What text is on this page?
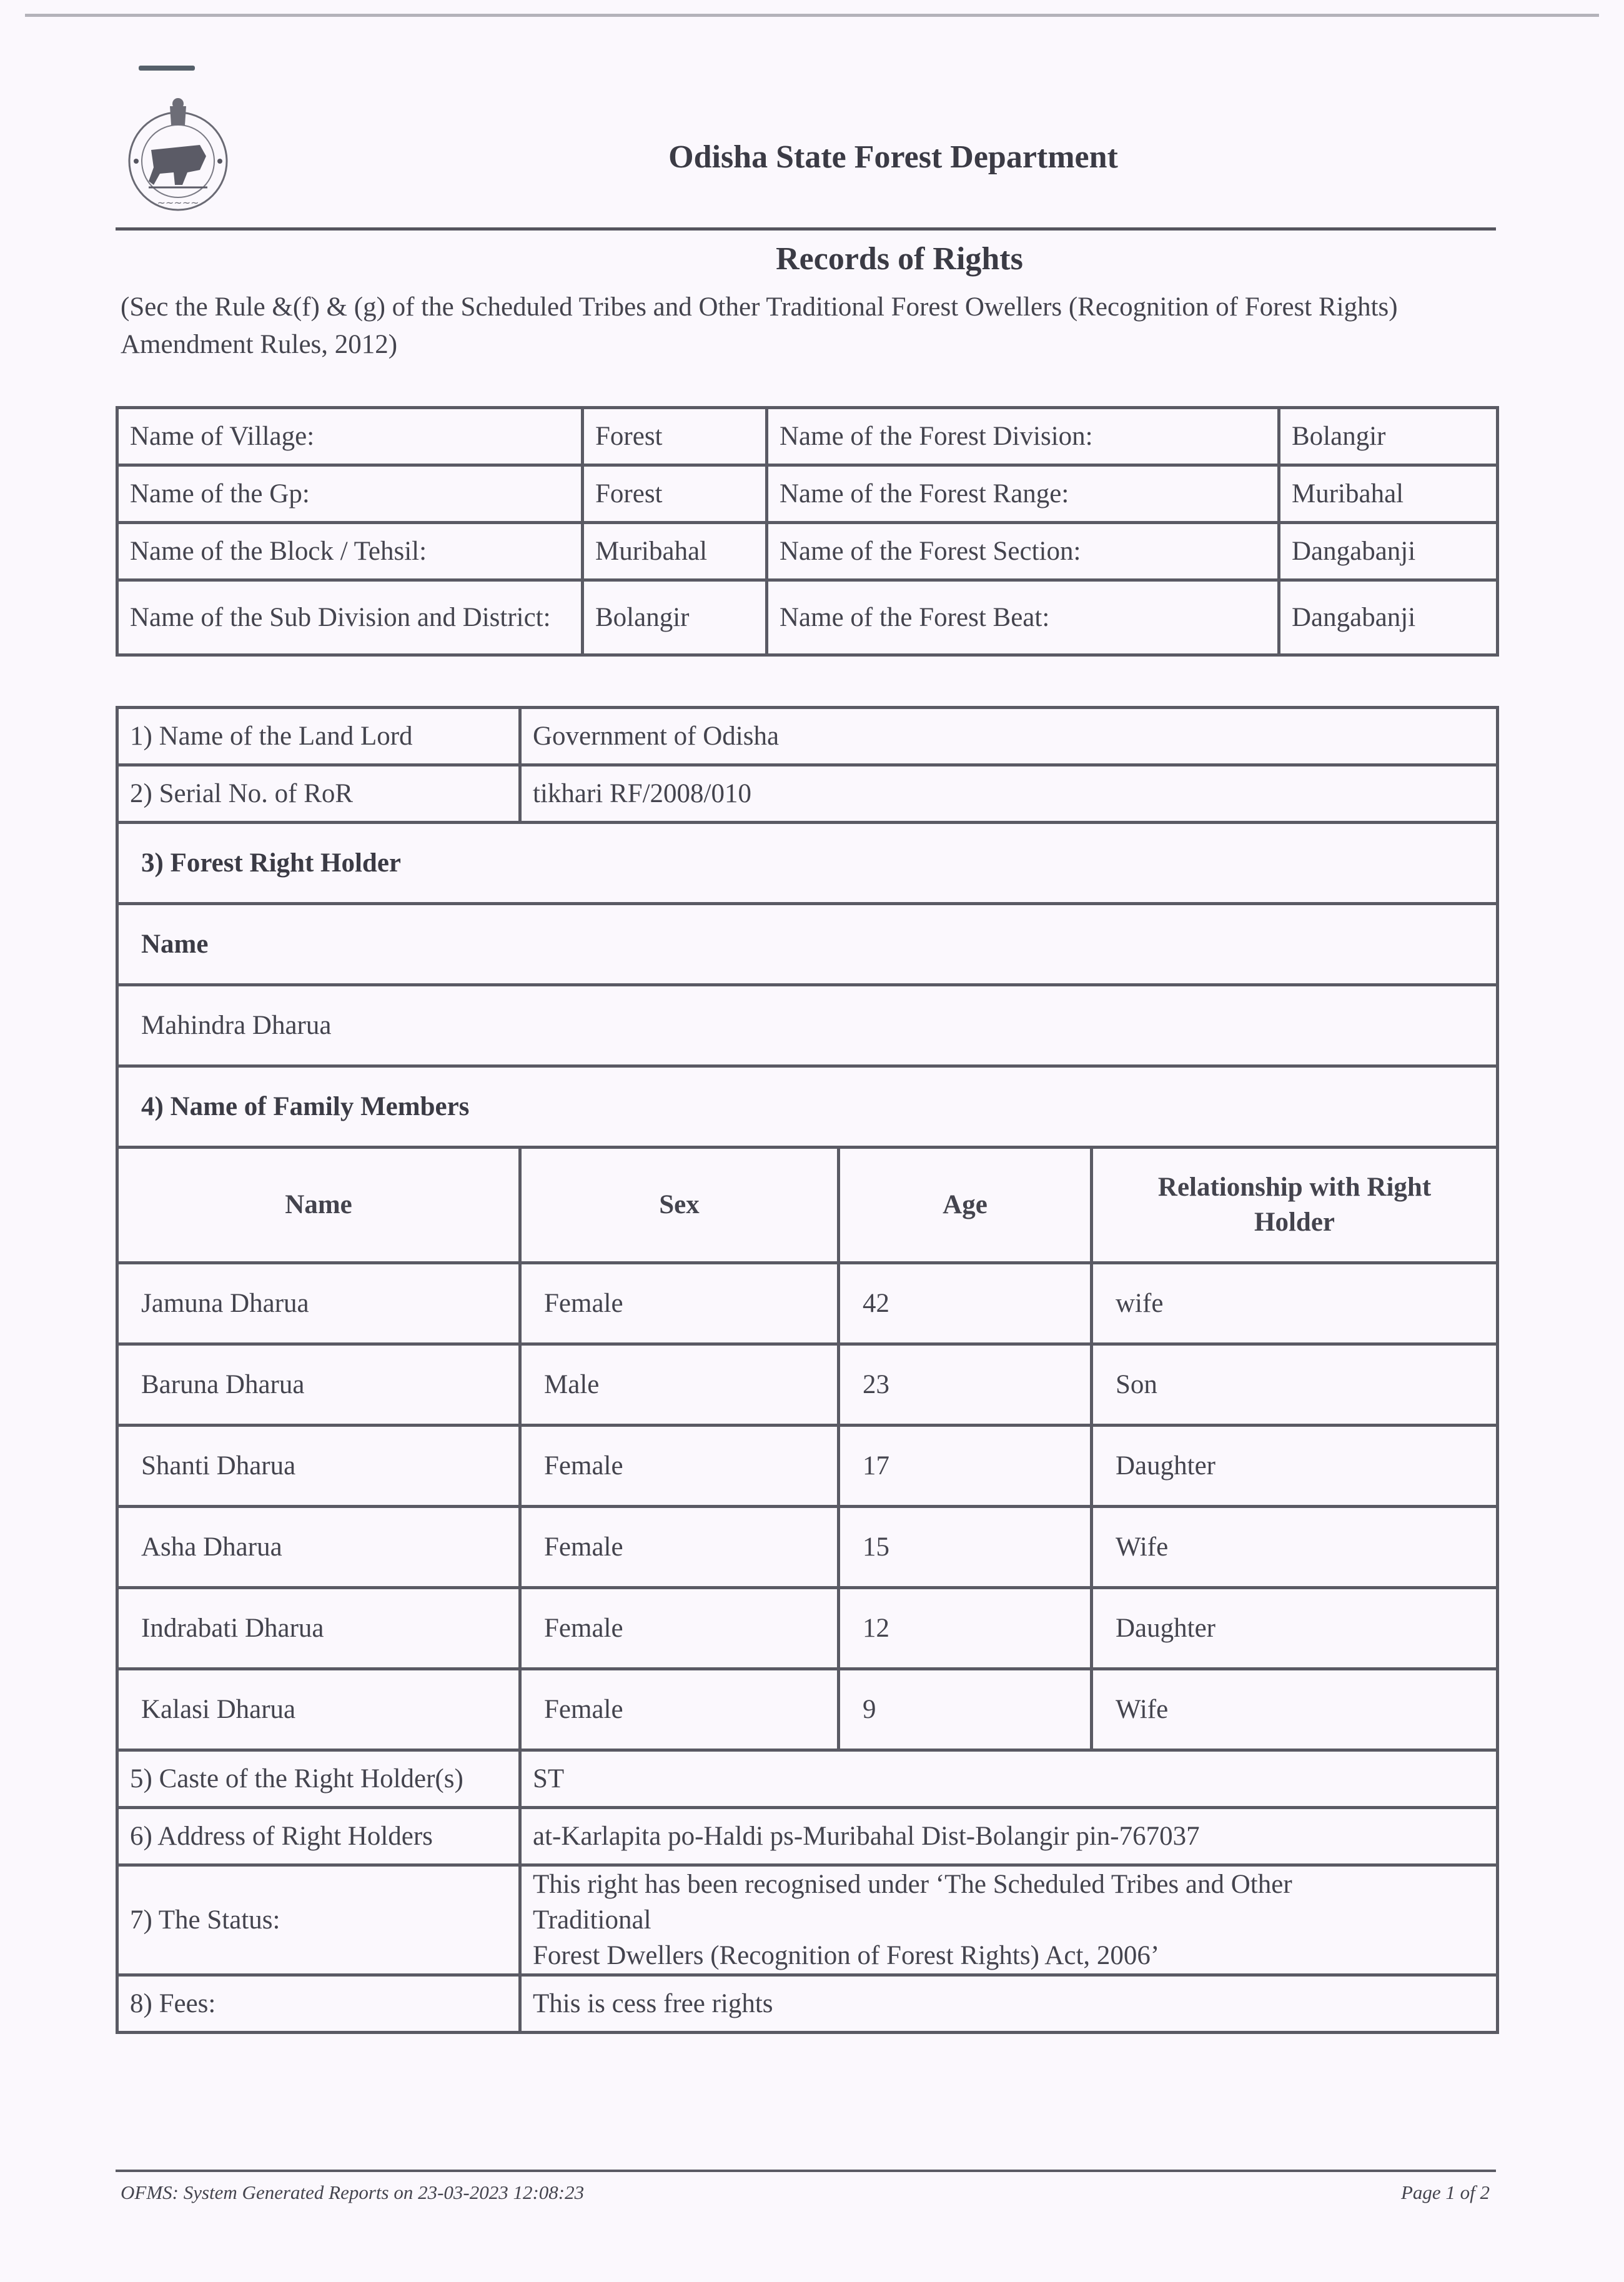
~~~~~
Odisha State Forest Department
Records of Rights
(Sec the Rule &(f) & (g) of the Scheduled Tribes and Other Traditional Forest Owellers (Recognition of Forest Rights) Amendment Rules, 2012)
Name of Village:	Forest	Name of the Forest Division:	Bolangir
Name of the Gp:	Forest	Name of the Forest Range:	Muribahal
Name of the Block / Tehsil:	Muribahal	Name of the Forest Section:	Dangabanji
Name of the Sub Division and District:	Bolangir	Name of the Forest Beat:	Dangabanji
1) Name of the Land Lord	Government of Odisha		
2) Serial No. of RoR	tikhari RF/2008/010		
3) Forest Right Holder			
Name			
Mahindra Dharua			
4) Name of Family Members			
Name	Sex	Age	Relationship with Right Holder
Jamuna Dharua	Female	42	wife
Baruna Dharua	Male	23	Son
Shanti Dharua	Female	17	Daughter
Asha Dharua	Female	15	Wife
Indrabati Dharua	Female	12	Daughter
Kalasi Dharua	Female	9	Wife
5) Caste of the Right Holder(s)	ST		
6) Address of Right Holders	at-Karlapita po-Haldi ps-Muribahal Dist-Bolangir pin-767037		
7) The Status:	This right has been recognised under ‘The Scheduled Tribes and Other
Traditional
Forest Dwellers (Recognition of Forest Rights) Act, 2006’		

8) Fees:	This is cess free rights		
OFMS: System Generated Reports on 23-03-2023 12:08:23	Page 1 of 2
